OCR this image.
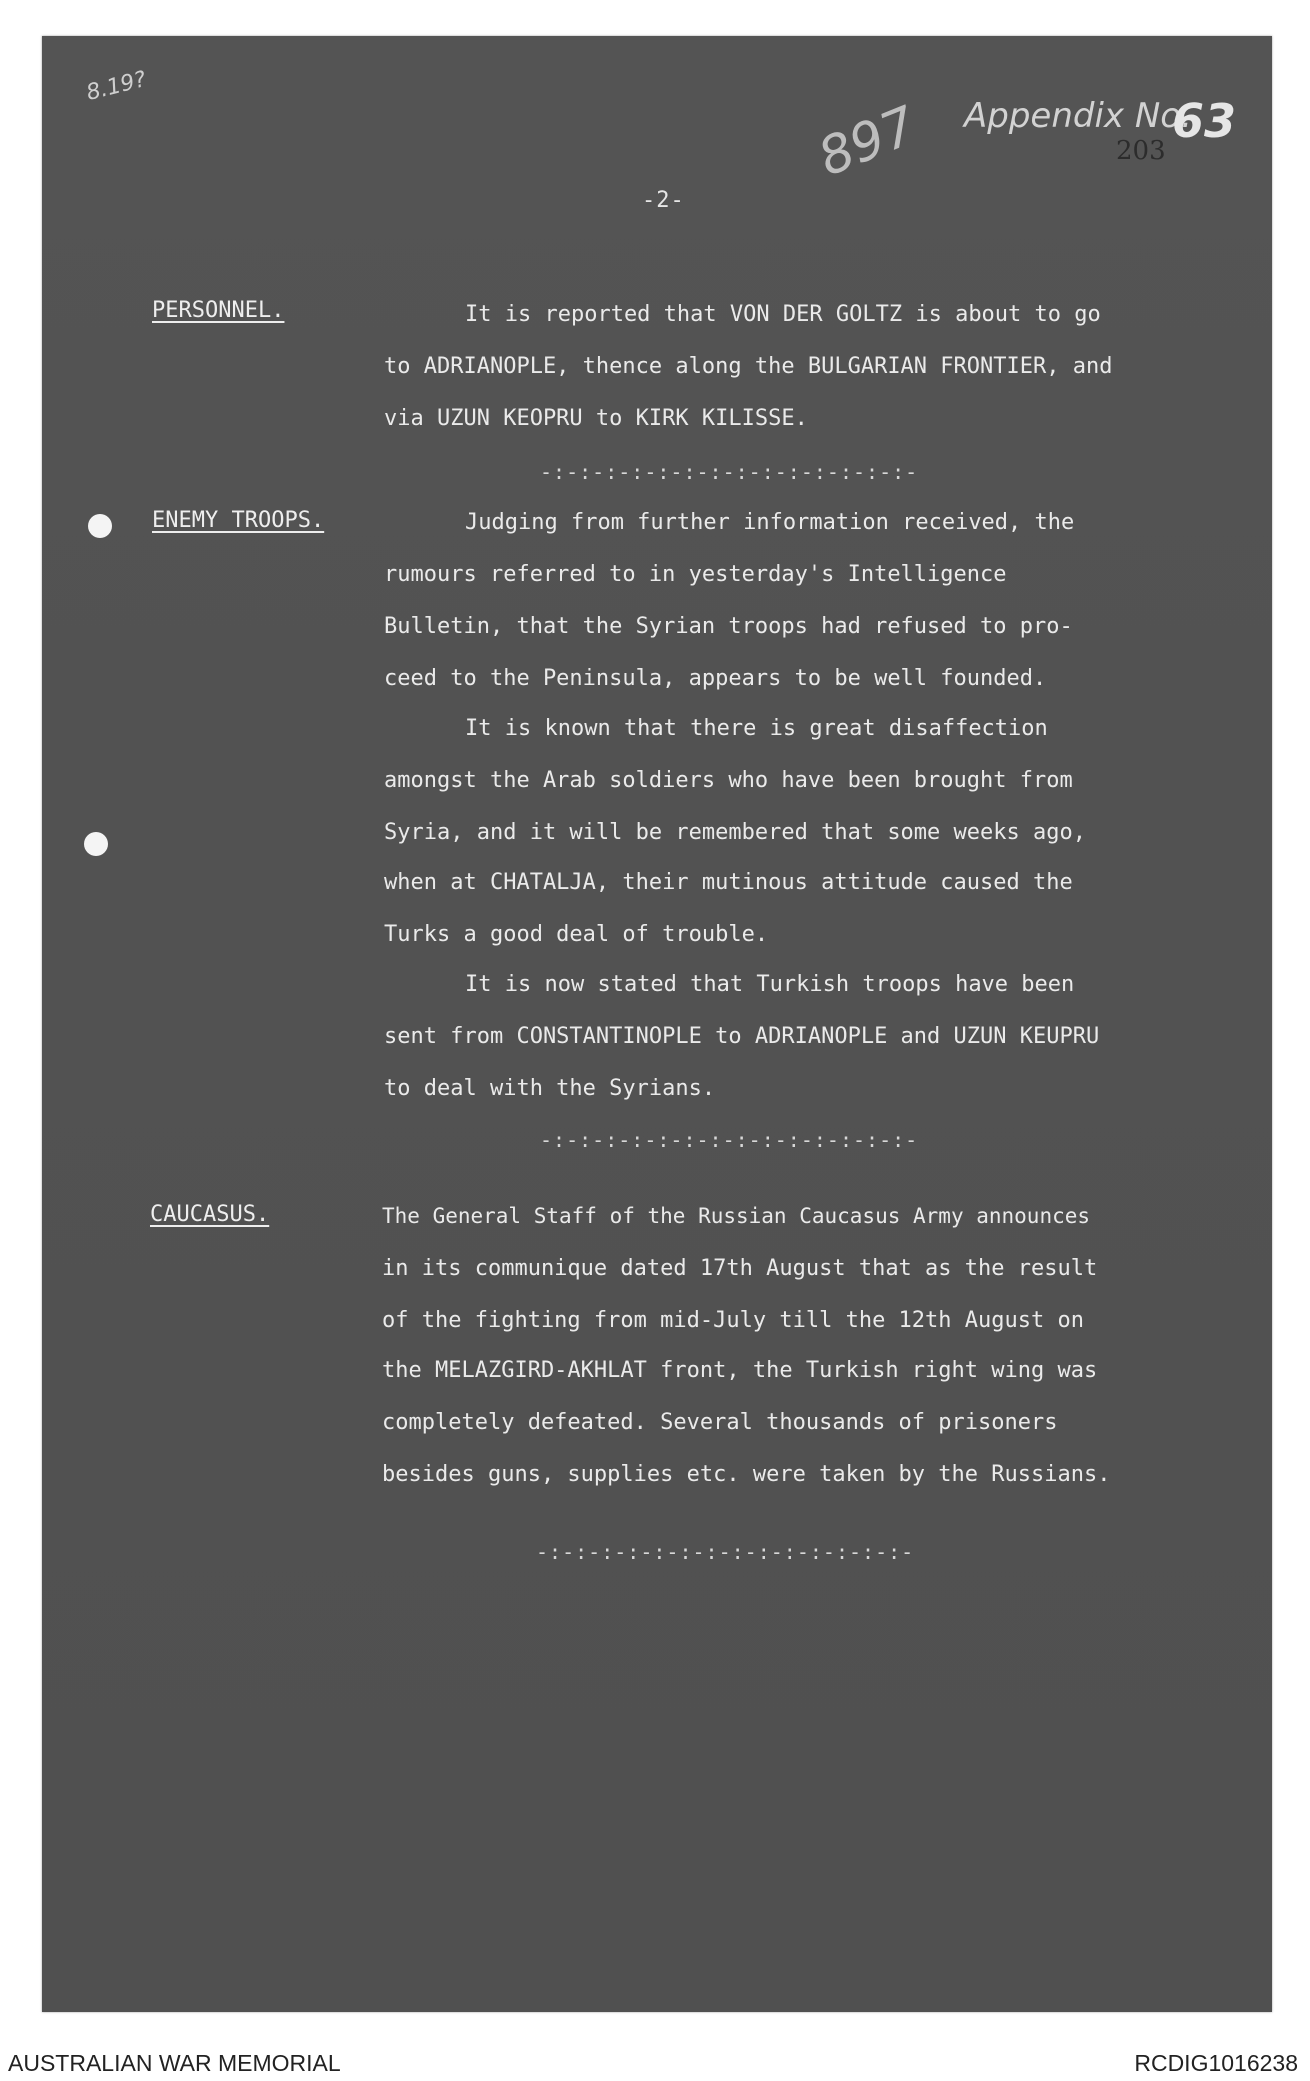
8.19?
897 Appendix No.
63
203
-2-
PERSONNEL.	It is reported that VON DER GOLTZ is about to go
to ADRIANOPLE, thence along the BULGARIAN FRONTIER, and
via UZUN KEOPRU to KIRK KILISSE.
-:-:-:-:-:-:-:-:-:-:-:-:-:-:-
ENEMY TROOPS.	Judging from further information received, the
rumours referred to in yesterday's Intelligence
Bulletin, that the Syrian troops had refused to pro-
ceed to the Peninsula, appears to be well founded.
It is known that there is great disaffection
amongst the Arab soldiers who have been brought from
Syria, and it will be remembered that some weeks ago,
when at CHATALJA, their mutinous attitude caused the
Turks a good deal of trouble.
It is now stated that Turkish troops have been
sent from CONSTANTINOPLE to ADRIANOPLE and UZUN KEUPRU
to deal with the Syrians.
-:-:-:-:-:-:-:-:-:-:-:-:-:-:-
CAUCASUS.	The General Staff of the Russian Caucasus Army announces
in its communique dated 17th August that as the result
of the fighting from mid-July till the 12th August on
the MELAZGIRD-AKHLAT front, the Turkish right wing was
completely defeated. Several thousands of prisoners
besides guns, supplies etc. were taken by the Russians.
-:-:-:-:-:-:-:-:-:-:-:-:-:-:-
AUSTRALIAN WAR MEMORIAL	RCDIG1016238
